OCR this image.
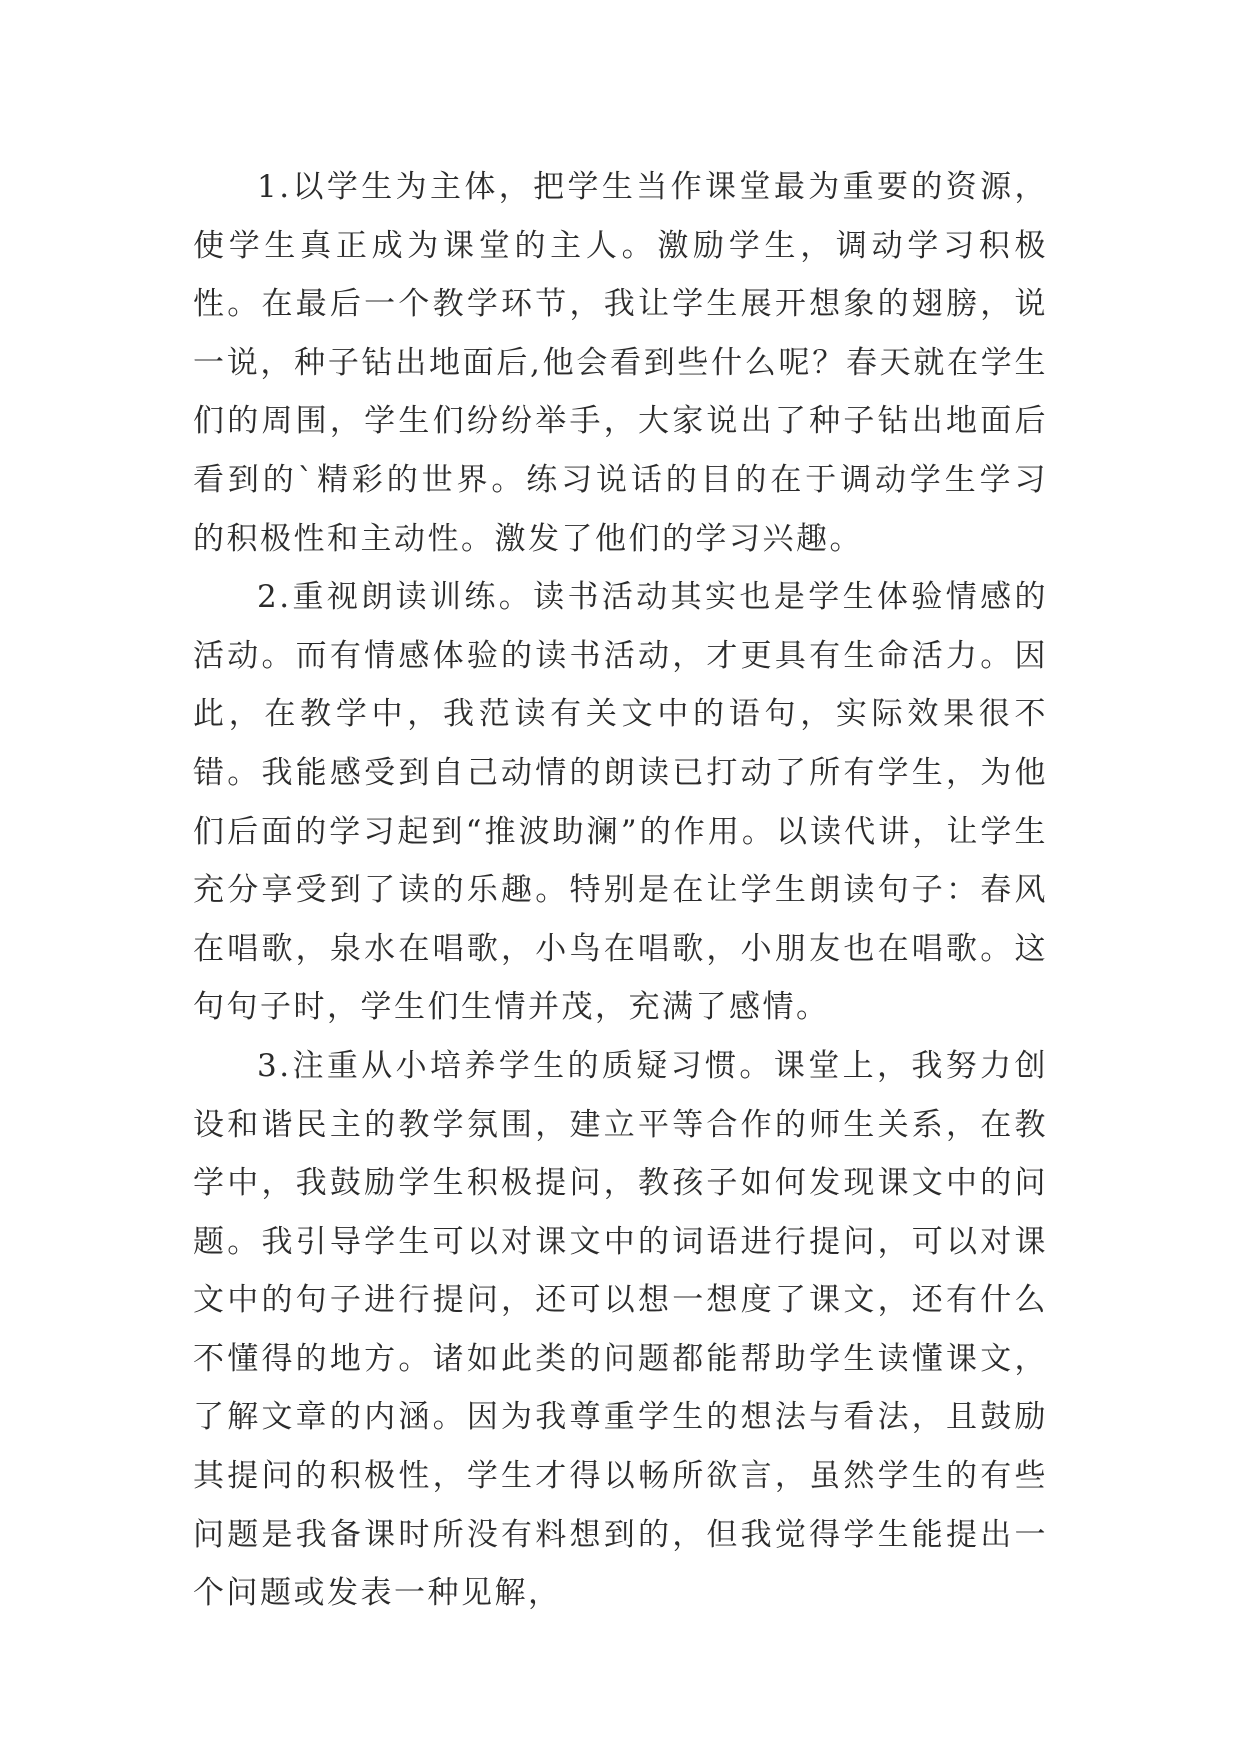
1.以学生为主体，把学生当作课堂最为重要的资源，使学生真正成为课堂的主人。激励学生，调动学习积极性。在最后一个教学环节，我让学生展开想象的翅膀，说一说，种子钻出地面后,他会看到些什么呢？春天就在学生们的周围，学生们纷纷举手，大家说出了种子钻出地面后看到的`精彩的世界。练习说话的目的在于调动学生学习的积极性和主动性。激发了他们的学习兴趣。

2.重视朗读训练。读书活动其实也是学生体验情感的活动。而有情感体验的读书活动，才更具有生命活力。因此，在教学中，我范读有关文中的语句，实际效果很不错。我能感受到自己动情的朗读已打动了所有学生，为他们后面的学习起到“推波助澜”的作用。以读代讲，让学生充分享受到了读的乐趣。特别是在让学生朗读句子：春风在唱歌，泉水在唱歌，小鸟在唱歌，小朋友也在唱歌。这句句子时，学生们生情并茂，充满了感情。

3.注重从小培养学生的质疑习惯。课堂上，我努力创设和谐民主的教学氛围，建立平等合作的师生关系，在教学中，我鼓励学生积极提问，教孩子如何发现课文中的问题。我引导学生可以对课文中的词语进行提问，可以对课文中的句子进行提问，还可以想一想度了课文，还有什么不懂得的地方。诸如此类的问题都能帮助学生读懂课文，了解文章的内涵。因为我尊重学生的想法与看法，且鼓励其提问的积极性，学生才得以畅所欲言，虽然学生的有些问题是我备课时所没有料想到的，但我觉得学生能提出一个问题或发表一种见解，
